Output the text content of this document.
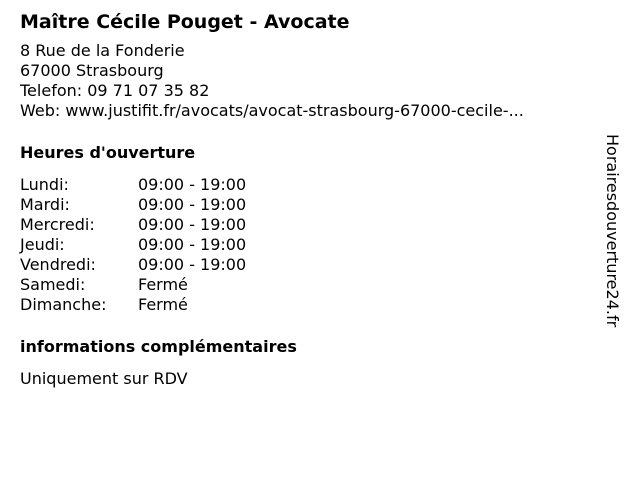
Maître Cécile Pouget - Avocate
8 Rue de la Fonderie
67000 Strasbourg
Telefon: 09 71 07 35 82
Web: www.justifit.fr/avocats/avocat-strasbourg-67000-cecile-...
Heures d'ouverture
Lundi:	09:00 - 19:00
Mardi:	09:00 - 19:00
Mercredi:	09:00 - 19:00
Jeudi:	09:00 - 19:00
Vendredi:	09:00 - 19:00
Samedi:	Fermé
Dimanche: Fermé
informations complémentaires
Uniquement sur RDV
Horairesdouverture24.fr
